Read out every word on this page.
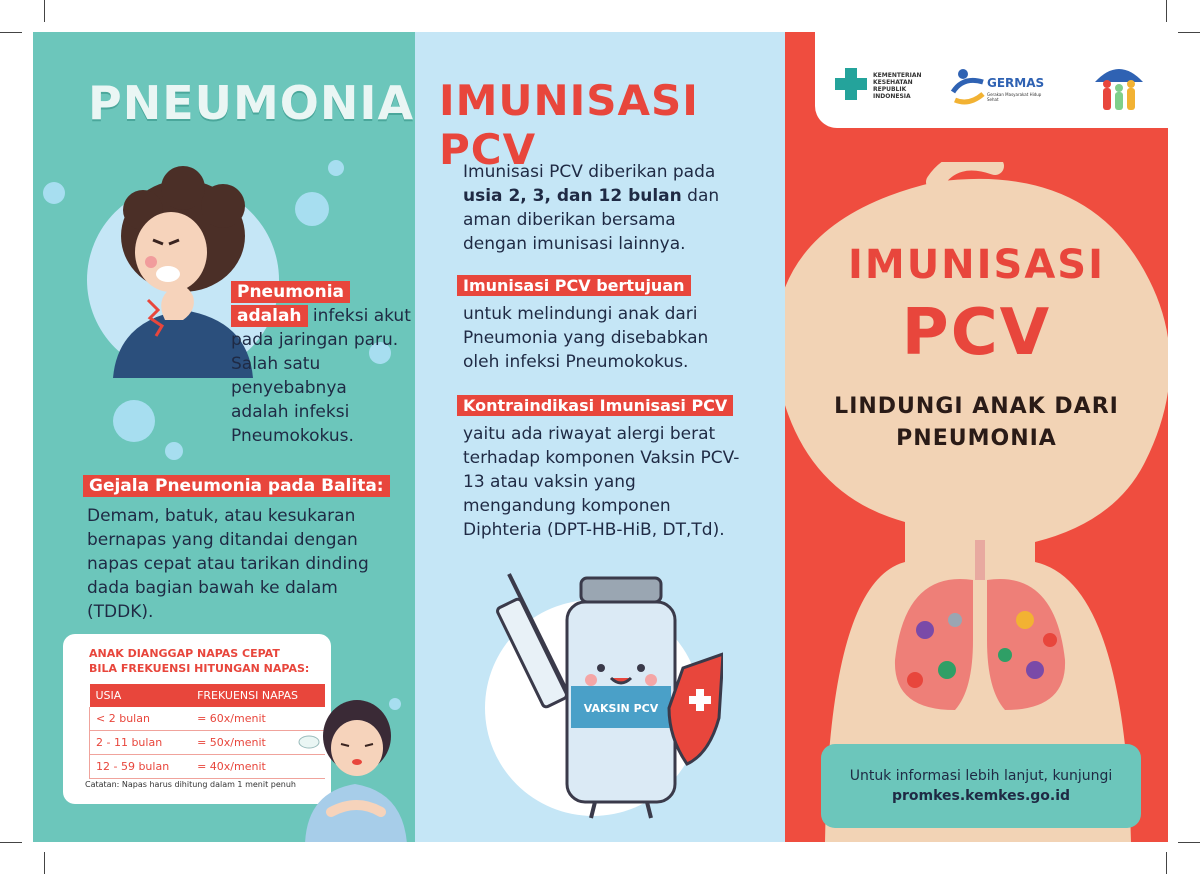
PNEUMONIA
Pneumonia
adalah infeksi akut
pada jaringan paru.
Salah satu
penyebabnya
adalah infeksi
Pneumokokus.
Gejala Pneumonia pada Balita:

Demam, batuk, atau kesukaran bernapas yang ditandai dengan napas cepat atau tarikan dinding dada bagian bawah ke dalam (TDDK).

ANAK DIANGGAP NAPAS CEPAT
BILA FREKUENSI HITUNGAN NAPAS:
USIA	FREKUENSI NAPAS
< 2 bulan	= 60x/menit
2 - 11 bulan	= 50x/menit
12 - 59 bulan	= 40x/menit
Catatan: Napas harus dihitung dalam 1 menit penuh
IMUNISASI PCV
Imunisasi PCV diberikan pada
usia 2, 3, dan 12 bulan dan
aman diberikan bersama
dengan imunisasi lainnya.
Imunisasi PCV bertujuan

untuk melindungi anak dari Pneumonia yang disebabkan oleh infeksi Pneumokokus.

Kontraindikasi Imunisasi PCV

yaitu ada riwayat alergi berat terhadap komponen Vaksin PCV-13 atau vaksin yang mengandung komponen Diphteria (DPT-HB-HiB, DT,Td).

VAKSIN PCV
KEMENTERIAN KESEHATAN REPUBLIK INDONESIA
GERMAS
Gerakan Masyarakat Hidup Sehat
IMUNISASI
PCV
LINDUNGI ANAK DARI
PNEUMONIA
Untuk informasi lebih lanjut, kunjungi
promkes.kemkes.go.id
